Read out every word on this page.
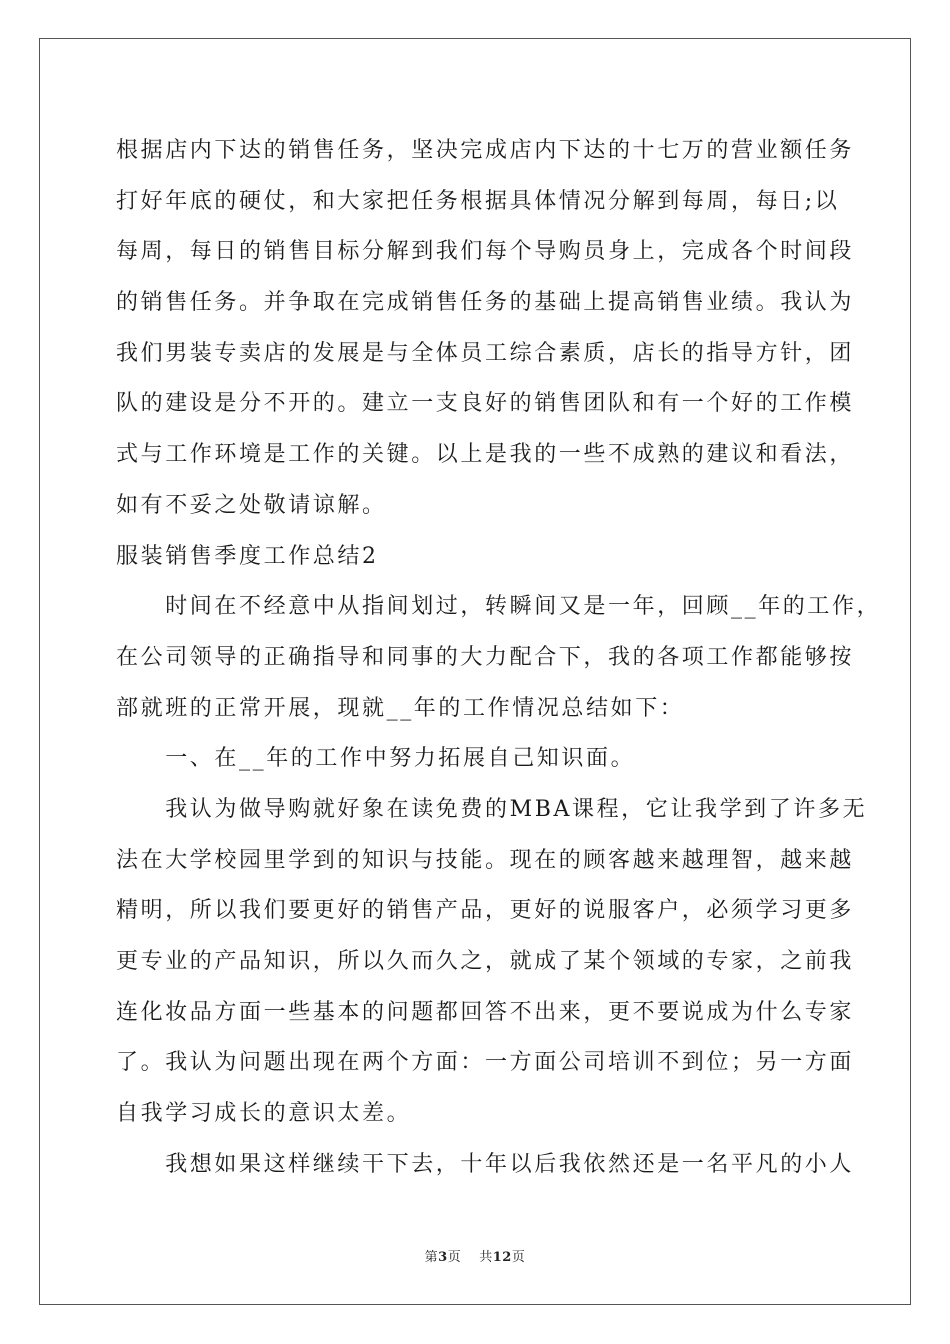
根据店内下达的销售任务，坚决完成店内下达的十七万的营业额任务
打好年底的硬仗，和大家把任务根据具体情况分解到每周，每日;以
每周，每日的销售目标分解到我们每个导购员身上，完成各个时间段
的销售任务。并争取在完成销售任务的基础上提高销售业绩。我认为
我们男装专卖店的发展是与全体员工综合素质，店长的指导方针，团
队的建设是分不开的。建立一支良好的销售团队和有一个好的工作模
式与工作环境是工作的关键。以上是我的一些不成熟的建议和看法，
如有不妥之处敬请谅解。
服装销售季度工作总结2
　　时间在不经意中从指间划过，转瞬间又是一年，回顾__年的工作，
在公司领导的正确指导和同事的大力配合下，我的各项工作都能够按
部就班的正常开展，现就__年的工作情况总结如下：
　　一、在__年的工作中努力拓展自己知识面。
　　我认为做导购就好象在读免费的MBA课程，它让我学到了许多无
法在大学校园里学到的知识与技能。现在的顾客越来越理智，越来越
精明，所以我们要更好的销售产品，更好的说服客户，必须学习更多
更专业的产品知识，所以久而久之，就成了某个领域的专家，之前我
连化妆品方面一些基本的问题都回答不出来，更不要说成为什么专家
了。我认为问题出现在两个方面：一方面公司培训不到位；另一方面
自我学习成长的意识太差。
　　我想如果这样继续干下去，十年以后我依然还是一名平凡的小人
第3页 共12页
